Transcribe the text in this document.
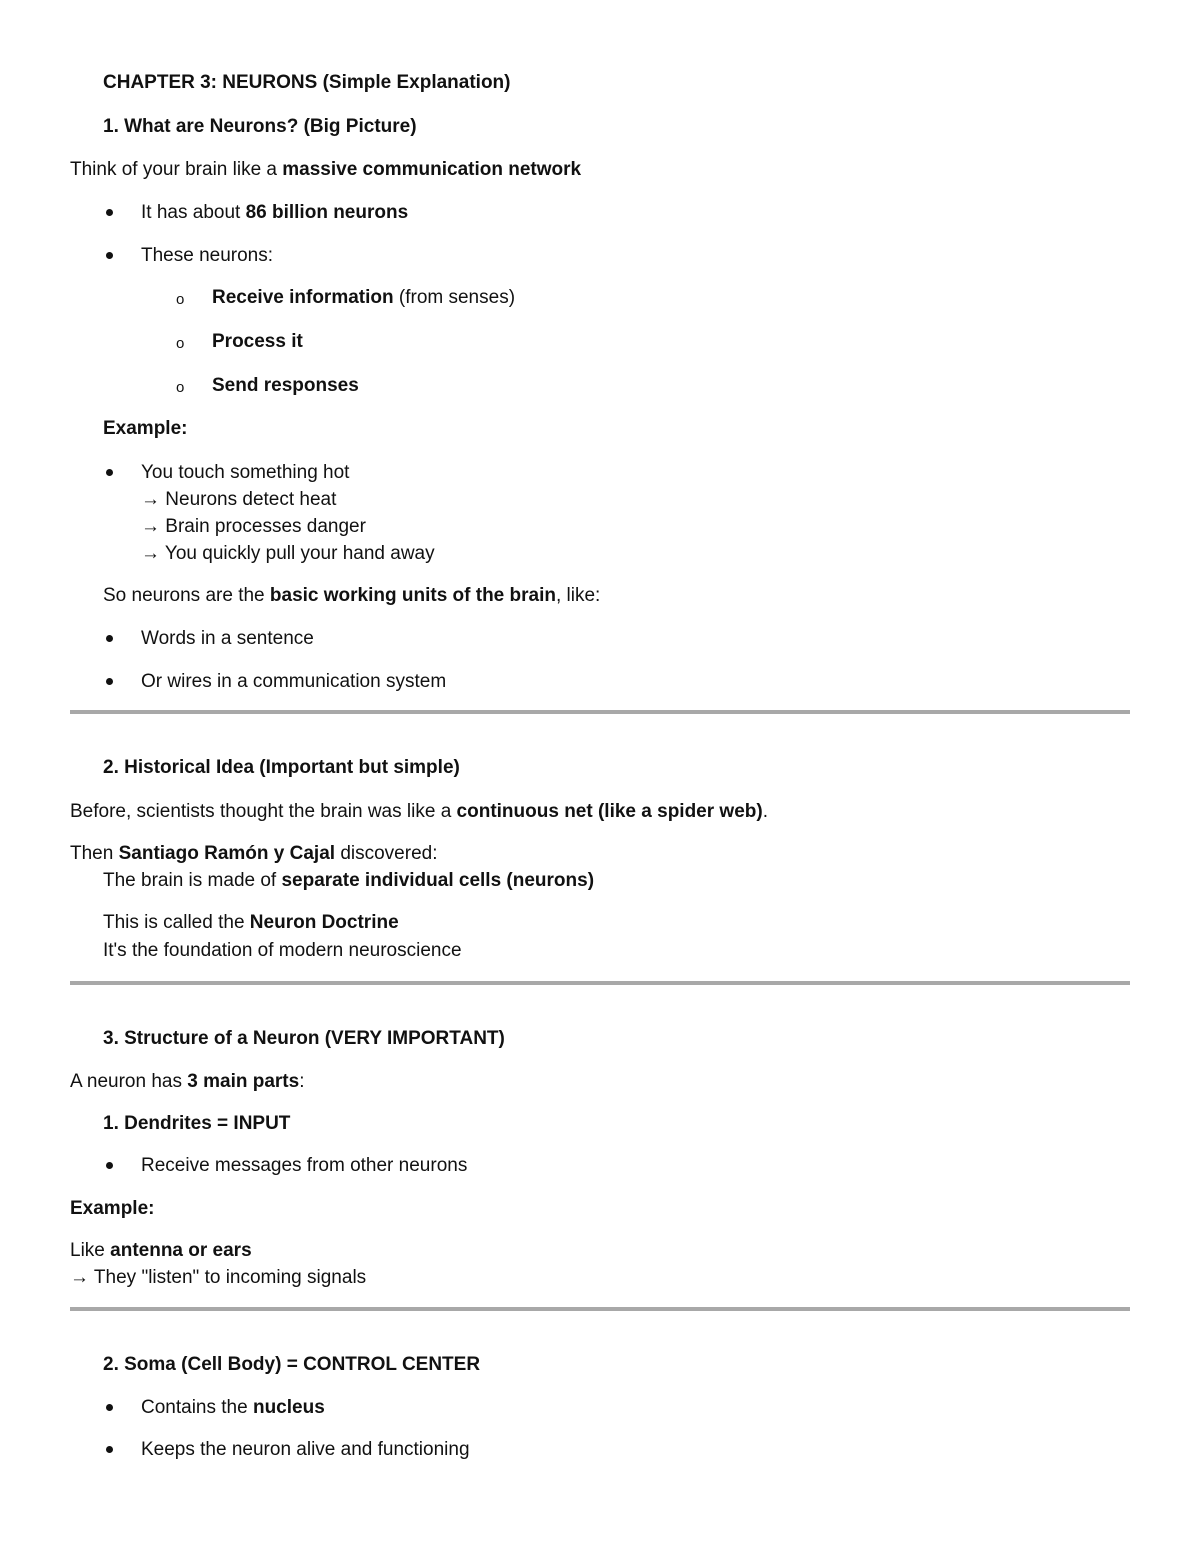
CHAPTER 3: NEURONS (Simple Explanation)
1. What are Neurons? (Big Picture)
Think of your brain like a massive communication network
It has about 86 billion neurons
These neurons:
o Receive information (from senses)
o Process it
o Send responses
Example:
You touch something hot
→ Neurons detect heat
→ Brain processes danger
→ You quickly pull your hand away
So neurons are the basic working units of the brain, like:
Words in a sentence
Or wires in a communication system
2. Historical Idea (Important but simple)
Before, scientists thought the brain was like a continuous net (like a spider web).
Then Santiago Ramón y Cajal discovered:
The brain is made of separate individual cells (neurons)
This is called the Neuron Doctrine
It's the foundation of modern neuroscience
3. Structure of a Neuron (VERY IMPORTANT)
A neuron has 3 main parts:
1. Dendrites = INPUT
Receive messages from other neurons
Example:
Like antenna or ears
→ They "listen" to incoming signals
2. Soma (Cell Body) = CONTROL CENTER
Contains the nucleus
Keeps the neuron alive and functioning
